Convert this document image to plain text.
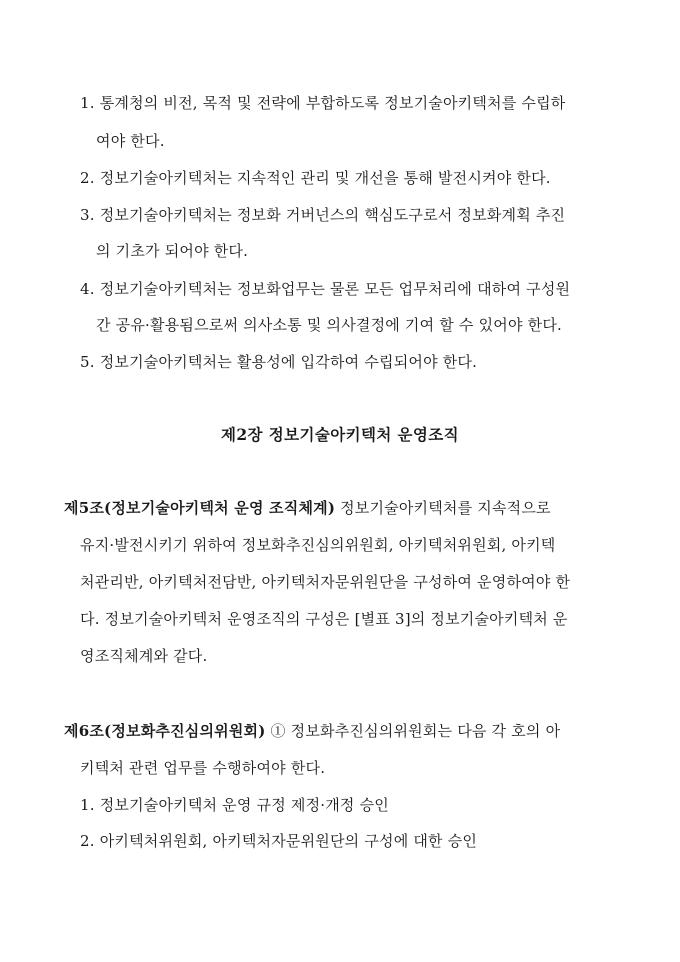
1. 통계청의 비전, 목적 및 전략에 부합하도록 정보기술아키텍처를 수립하
여야 한다.
2. 정보기술아키텍처는 지속적인 관리 및 개선을 통해 발전시켜야 한다.
3. 정보기술아키텍처는 정보화 거버넌스의 핵심도구로서 정보화계획 추진
의 기초가 되어야 한다.
4. 정보기술아키텍처는 정보화업무는 물론 모든 업무처리에 대하여 구성원
간 공유·활용됨으로써 의사소통 및 의사결정에 기여 할 수 있어야 한다.
5. 정보기술아키텍처는 활용성에 입각하여 수립되어야 한다.
제2장 정보기술아키텍처 운영조직
제5조(정보기술아키텍처 운영 조직체계) 정보기술아키텍처를 지속적으로
유지·발전시키기 위하여 정보화추진심의위원회, 아키텍처위원회, 아키텍
처관리반, 아키텍처전담반, 아키텍처자문위원단을 구성하여 운영하여야 한
다. 정보기술아키텍처 운영조직의 구성은 [별표 3]의 정보기술아키텍처 운
영조직체계와 같다.
제6조(정보화추진심의위원회) ① 정보화추진심의위원회는 다음 각 호의 아
키텍처 관련 업무를 수행하여야 한다.
1. 정보기술아키텍처 운영 규정 제정·개정 승인
2. 아키텍처위원회, 아키텍처자문위원단의 구성에 대한 승인
